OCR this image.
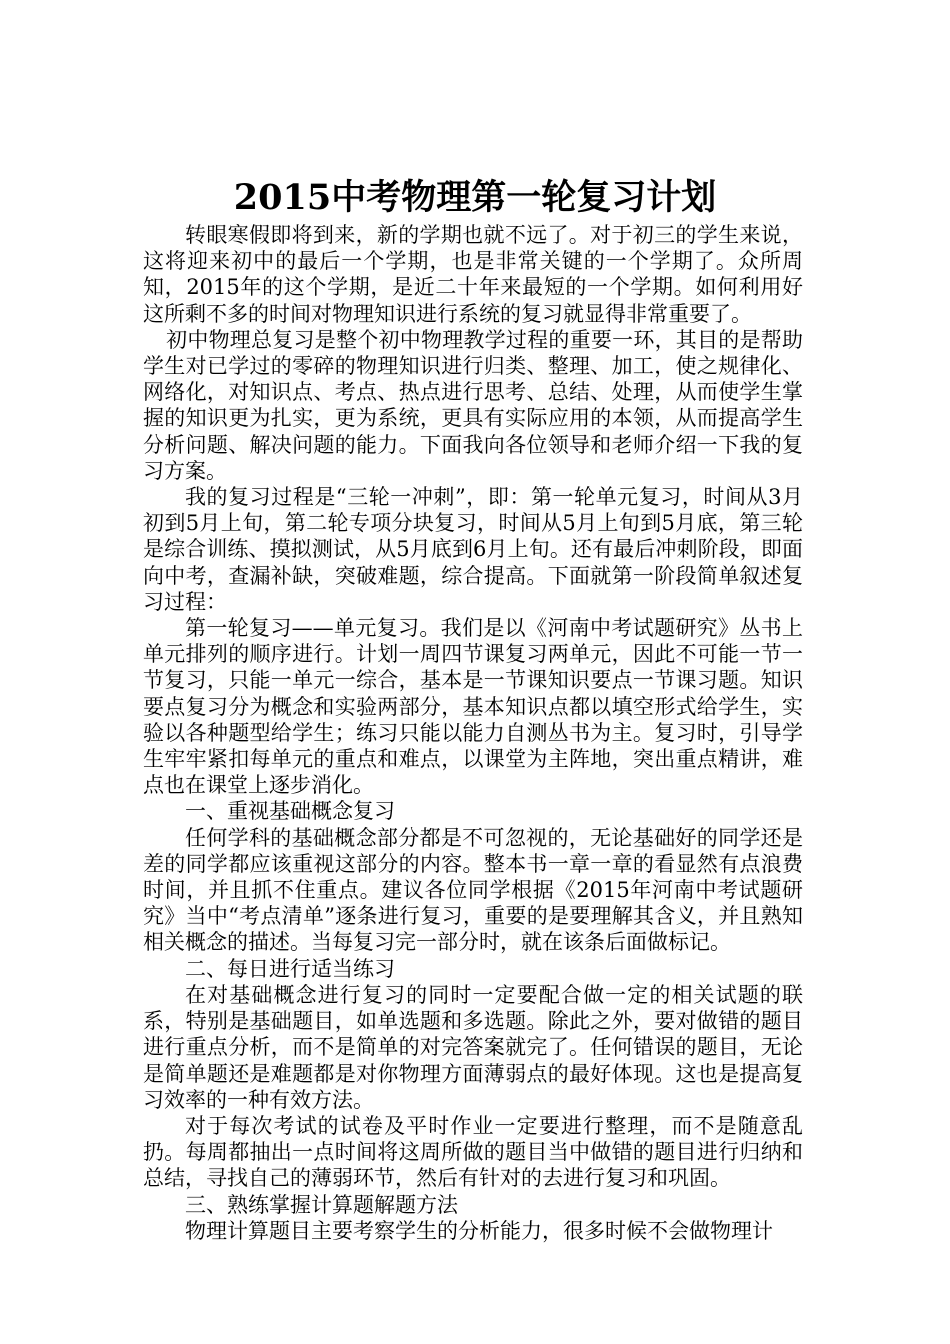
2015中考物理第一轮复习计划

转眼寒假即将到来，新的学期也就不远了。对于初三的学生来说，这将迎来初中的最后一个学期，也是非常关键的一个学期了。众所周知，2015年的这个学期，是近二十年来最短的一个学期。如何利用好这所剩不多的时间对物理知识进行系统的复习就显得非常重要了。

初中物理总复习是整个初中物理教学过程的重要一环，其目的是帮助学生对已学过的零碎的物理知识进行归类、整理、加工，使之规律化、网络化，对知识点、考点、热点进行思考、总结、处理，从而使学生掌握的知识更为扎实，更为系统，更具有实际应用的本领，从而提高学生分析问题、解决问题的能力。下面我向各位领导和老师介绍一下我的复习方案。

我的复习过程是“三轮一冲刺”，即：第一轮单元复习，时间从3月初到5月上旬，第二轮专项分块复习，时间从5月上旬到5月底，第三轮是综合训练、摸拟测试，从5月底到6月上旬。还有最后冲刺阶段，即面向中考，查漏补缺，突破难题，综合提高。下面就第一阶段简单叙述复习过程：

第一轮复习——单元复习。我们是以《河南中考试题研究》丛书上单元排列的顺序进行。计划一周四节课复习两单元，因此不可能一节一节复习，只能一单元一综合，基本是一节课知识要点一节课习题。知识要点复习分为概念和实验两部分，基本知识点都以填空形式给学生，实验以各种题型给学生；练习只能以能力自测丛书为主。复习时，引导学生牢牢紧扣每单元的重点和难点，以课堂为主阵地，突出重点精讲，难点也在课堂上逐步消化。

一、重视基础概念复习

任何学科的基础概念部分都是不可忽视的，无论基础好的同学还是差的同学都应该重视这部分的内容。整本书一章一章的看显然有点浪费时间，并且抓不住重点。建议各位同学根据《2015年河南中考试题研究》当中“考点清单”逐条进行复习，重要的是要理解其含义，并且熟知相关概念的描述。当每复习完一部分时，就在该条后面做标记。

二、每日进行适当练习

在对基础概念进行复习的同时一定要配合做一定的相关试题的联系，特别是基础题目，如单选题和多选题。除此之外，要对做错的题目进行重点分析，而不是简单的对完答案就完了。任何错误的题目，无论是简单题还是难题都是对你物理方面薄弱点的最好体现。这也是提高复习效率的一种有效方法。

对于每次考试的试卷及平时作业一定要进行整理，而不是随意乱扔。每周都抽出一点时间将这周所做的题目当中做错的题目进行归纳和总结，寻找自己的薄弱环节，然后有针对的去进行复习和巩固。

三、熟练掌握计算题解题方法

物理计算题目主要考察学生的分析能力，很多时候不会做物理计
